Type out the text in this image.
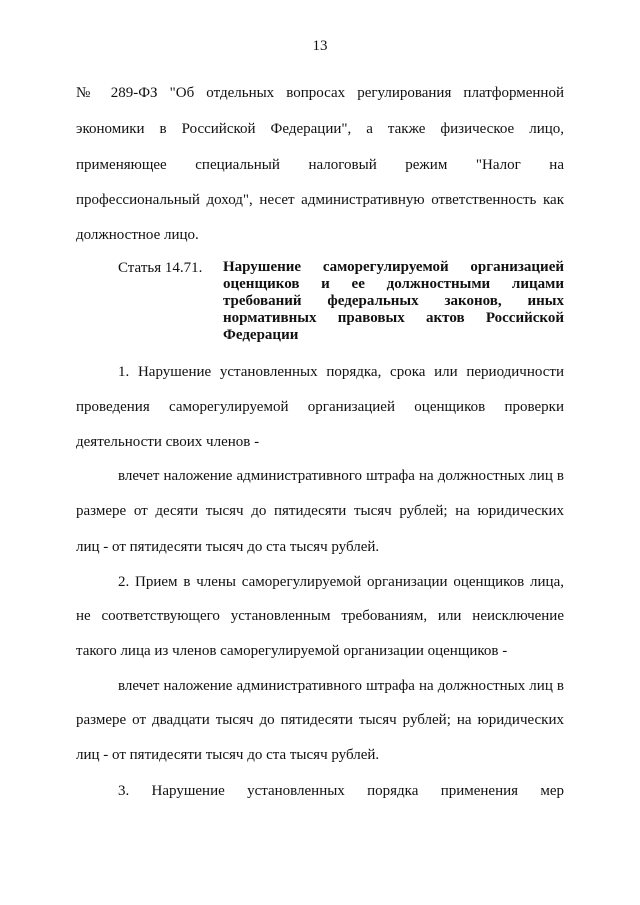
13
№ 289-ФЗ "Об отдельных вопросах регулирования платформенной
экономики в Российской Федерации", а также физическое лицо,
применяющее специальный налоговый режим "Налог на
профессиональный доход", несет административную ответственность как
должностное лицо.
Статья 14.71. Нарушение саморегулируемой организацией
оценщиков и ее должностными лицами
требований федеральных законов, иных
нормативных правовых актов Российской
Федерации
1. Нарушение установленных порядка, срока или периодичности
проведения саморегулируемой организацией оценщиков проверки
деятельности своих членов -
влечет наложение административного штрафа на должностных лиц в
размере от десяти тысяч до пятидесяти тысяч рублей; на юридических
лиц - от пятидесяти тысяч до ста тысяч рублей.
2. Прием в члены саморегулируемой организации оценщиков лица,
не соответствующего установленным требованиям, или неисключение
такого лица из членов саморегулируемой организации оценщиков -
влечет наложение административного штрафа на должностных лиц в
размере от двадцати тысяч до пятидесяти тысяч рублей; на юридических
лиц - от пятидесяти тысяч до ста тысяч рублей.
3. Нарушение установленных порядка применения мер
